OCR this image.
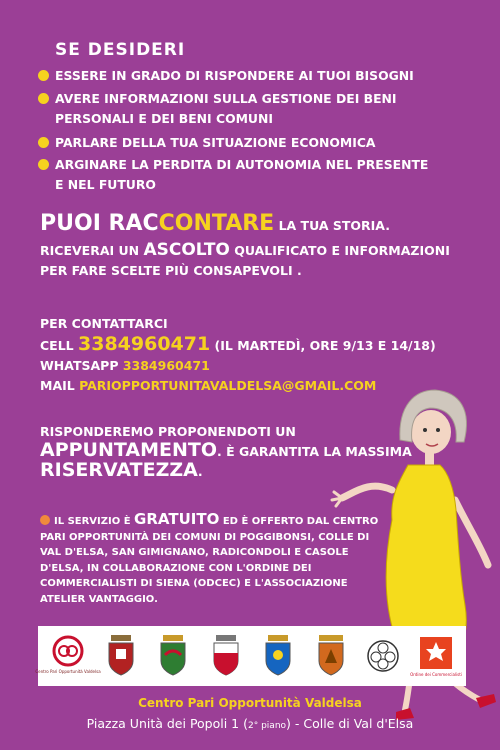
SE DESIDERI
ESSERE IN GRADO DI RISPONDERE AI TUOI BISOGNI
AVERE INFORMAZIONI SULLA GESTIONE DEI BENI
PERSONALI E DEI BENI COMUNI
PARLARE DELLA TUA SITUAZIONE ECONOMICA
ARGINARE LA PERDITA DI AUTONOMIA NEL PRESENTE
E NEL FUTURO
PUOI RACCONTARE LA TUA STORIA.
RICEVERAI UN ASCOLTO QUALIFICATO E INFORMAZIONI
PER FARE SCELTE PIÙ CONSAPEVOLI .
PER CONTATTARCI
CELL 3384960471 (IL MARTEDÌ, ORE 9/13 E 14/18)
WHATSAPP 3384960471
MAIL PARIOPPORTUNITAVALDELSA@GMAIL.COM
RISPONDEREMO PROPONENDOTI UN
APPUNTAMENTO. È GARANTITA LA MASSIMA
RISERVATEZZA.
IL SERVIZIO È GRATUITO ED È OFFERTO DAL CENTRO PARI OPPORTUNITÀ DEI COMUNI DI POGGIBONSI, COLLE DI VAL D'ELSA, SAN GIMIGNANO, RADICONDOLI E CASOLE D'ELSA, IN COLLABORAZIONE CON L'ORDINE DEI COMMERCIALISTI DI SIENA (ODCEC) E L'ASSOCIAZIONE ATELIER VANTAGGIO.
Centro Pari Opportunità Valdelsa
Ordine dei Commercialisti
Centro Pari Opportunità Valdelsa
Piazza Unità dei Popoli 1 (2° piano) - Colle di Val d'Elsa
